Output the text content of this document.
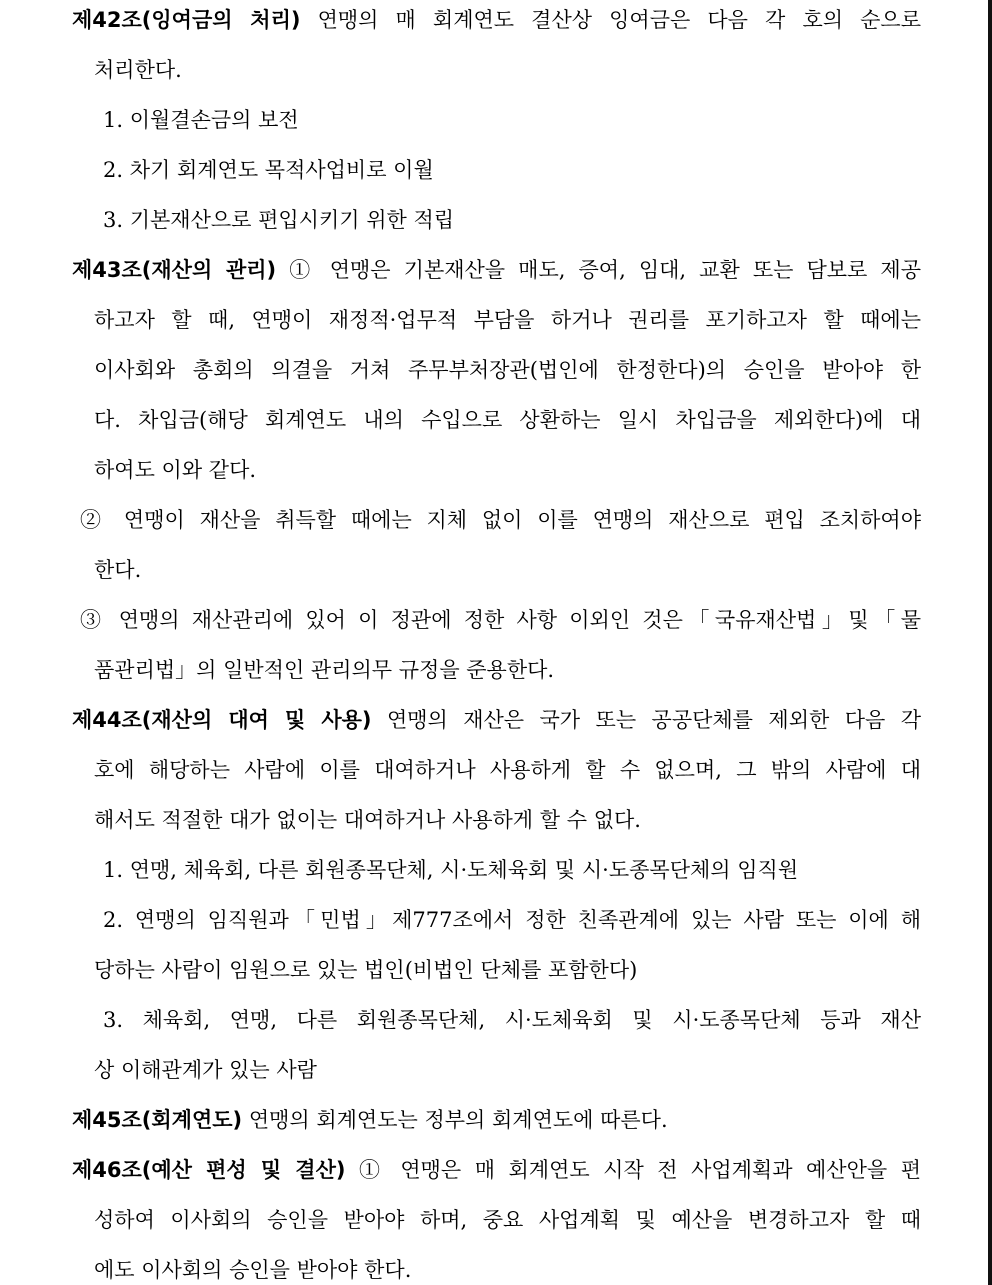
제42조(잉여금의 처리) 연맹의 매 회계연도 결산상 잉여금은 다음 각 호의 순으로
처리한다.
1. 이월결손금의 보전
2. 차기 회계연도 목적사업비로 이월
3. 기본재산으로 편입시키기 위한 적립
제43조(재산의 관리) ① 연맹은 기본재산을 매도, 증여, 임대, 교환 또는 담보로 제공
하고자 할 때, 연맹이 재정적·업무적 부담을 하거나 권리를 포기하고자 할 때에는
이사회와 총회의 의결을 거쳐 주무부처장관(법인에 한정한다)의 승인을 받아야 한
다. 차입금(해당 회계연도 내의 수입으로 상환하는 일시 차입금을 제외한다)에 대
하여도 이와 같다.
② 연맹이 재산을 취득할 때에는 지체 없이 이를 연맹의 재산으로 편입 조치하여야
한다.
③ 연맹의 재산관리에 있어 이 정관에 정한 사항 이외인 것은「국유재산법」및「물
품관리법」의 일반적인 관리의무 규정을 준용한다.
제44조(재산의 대여 및 사용) 연맹의 재산은 국가 또는 공공단체를 제외한 다음 각
호에 해당하는 사람에 이를 대여하거나 사용하게 할 수 없으며, 그 밖의 사람에 대
해서도 적절한 대가 없이는 대여하거나 사용하게 할 수 없다.
1. 연맹, 체육회, 다른 회원종목단체, 시·도체육회 및 시·도종목단체의 임직원
2. 연맹의 임직원과「민법」제777조에서 정한 친족관계에 있는 사람 또는 이에 해
당하는 사람이 임원으로 있는 법인(비법인 단체를 포함한다)
3. 체육회, 연맹, 다른 회원종목단체, 시·도체육회 및 시·도종목단체 등과 재산
상 이해관계가 있는 사람
제45조(회계연도) 연맹의 회계연도는 정부의 회계연도에 따른다.
제46조(예산 편성 및 결산) ① 연맹은 매 회계연도 시작 전 사업계획과 예산안을 편
성하여 이사회의 승인을 받아야 하며, 중요 사업계획 및 예산을 변경하고자 할 때
에도 이사회의 승인을 받아야 한다.
